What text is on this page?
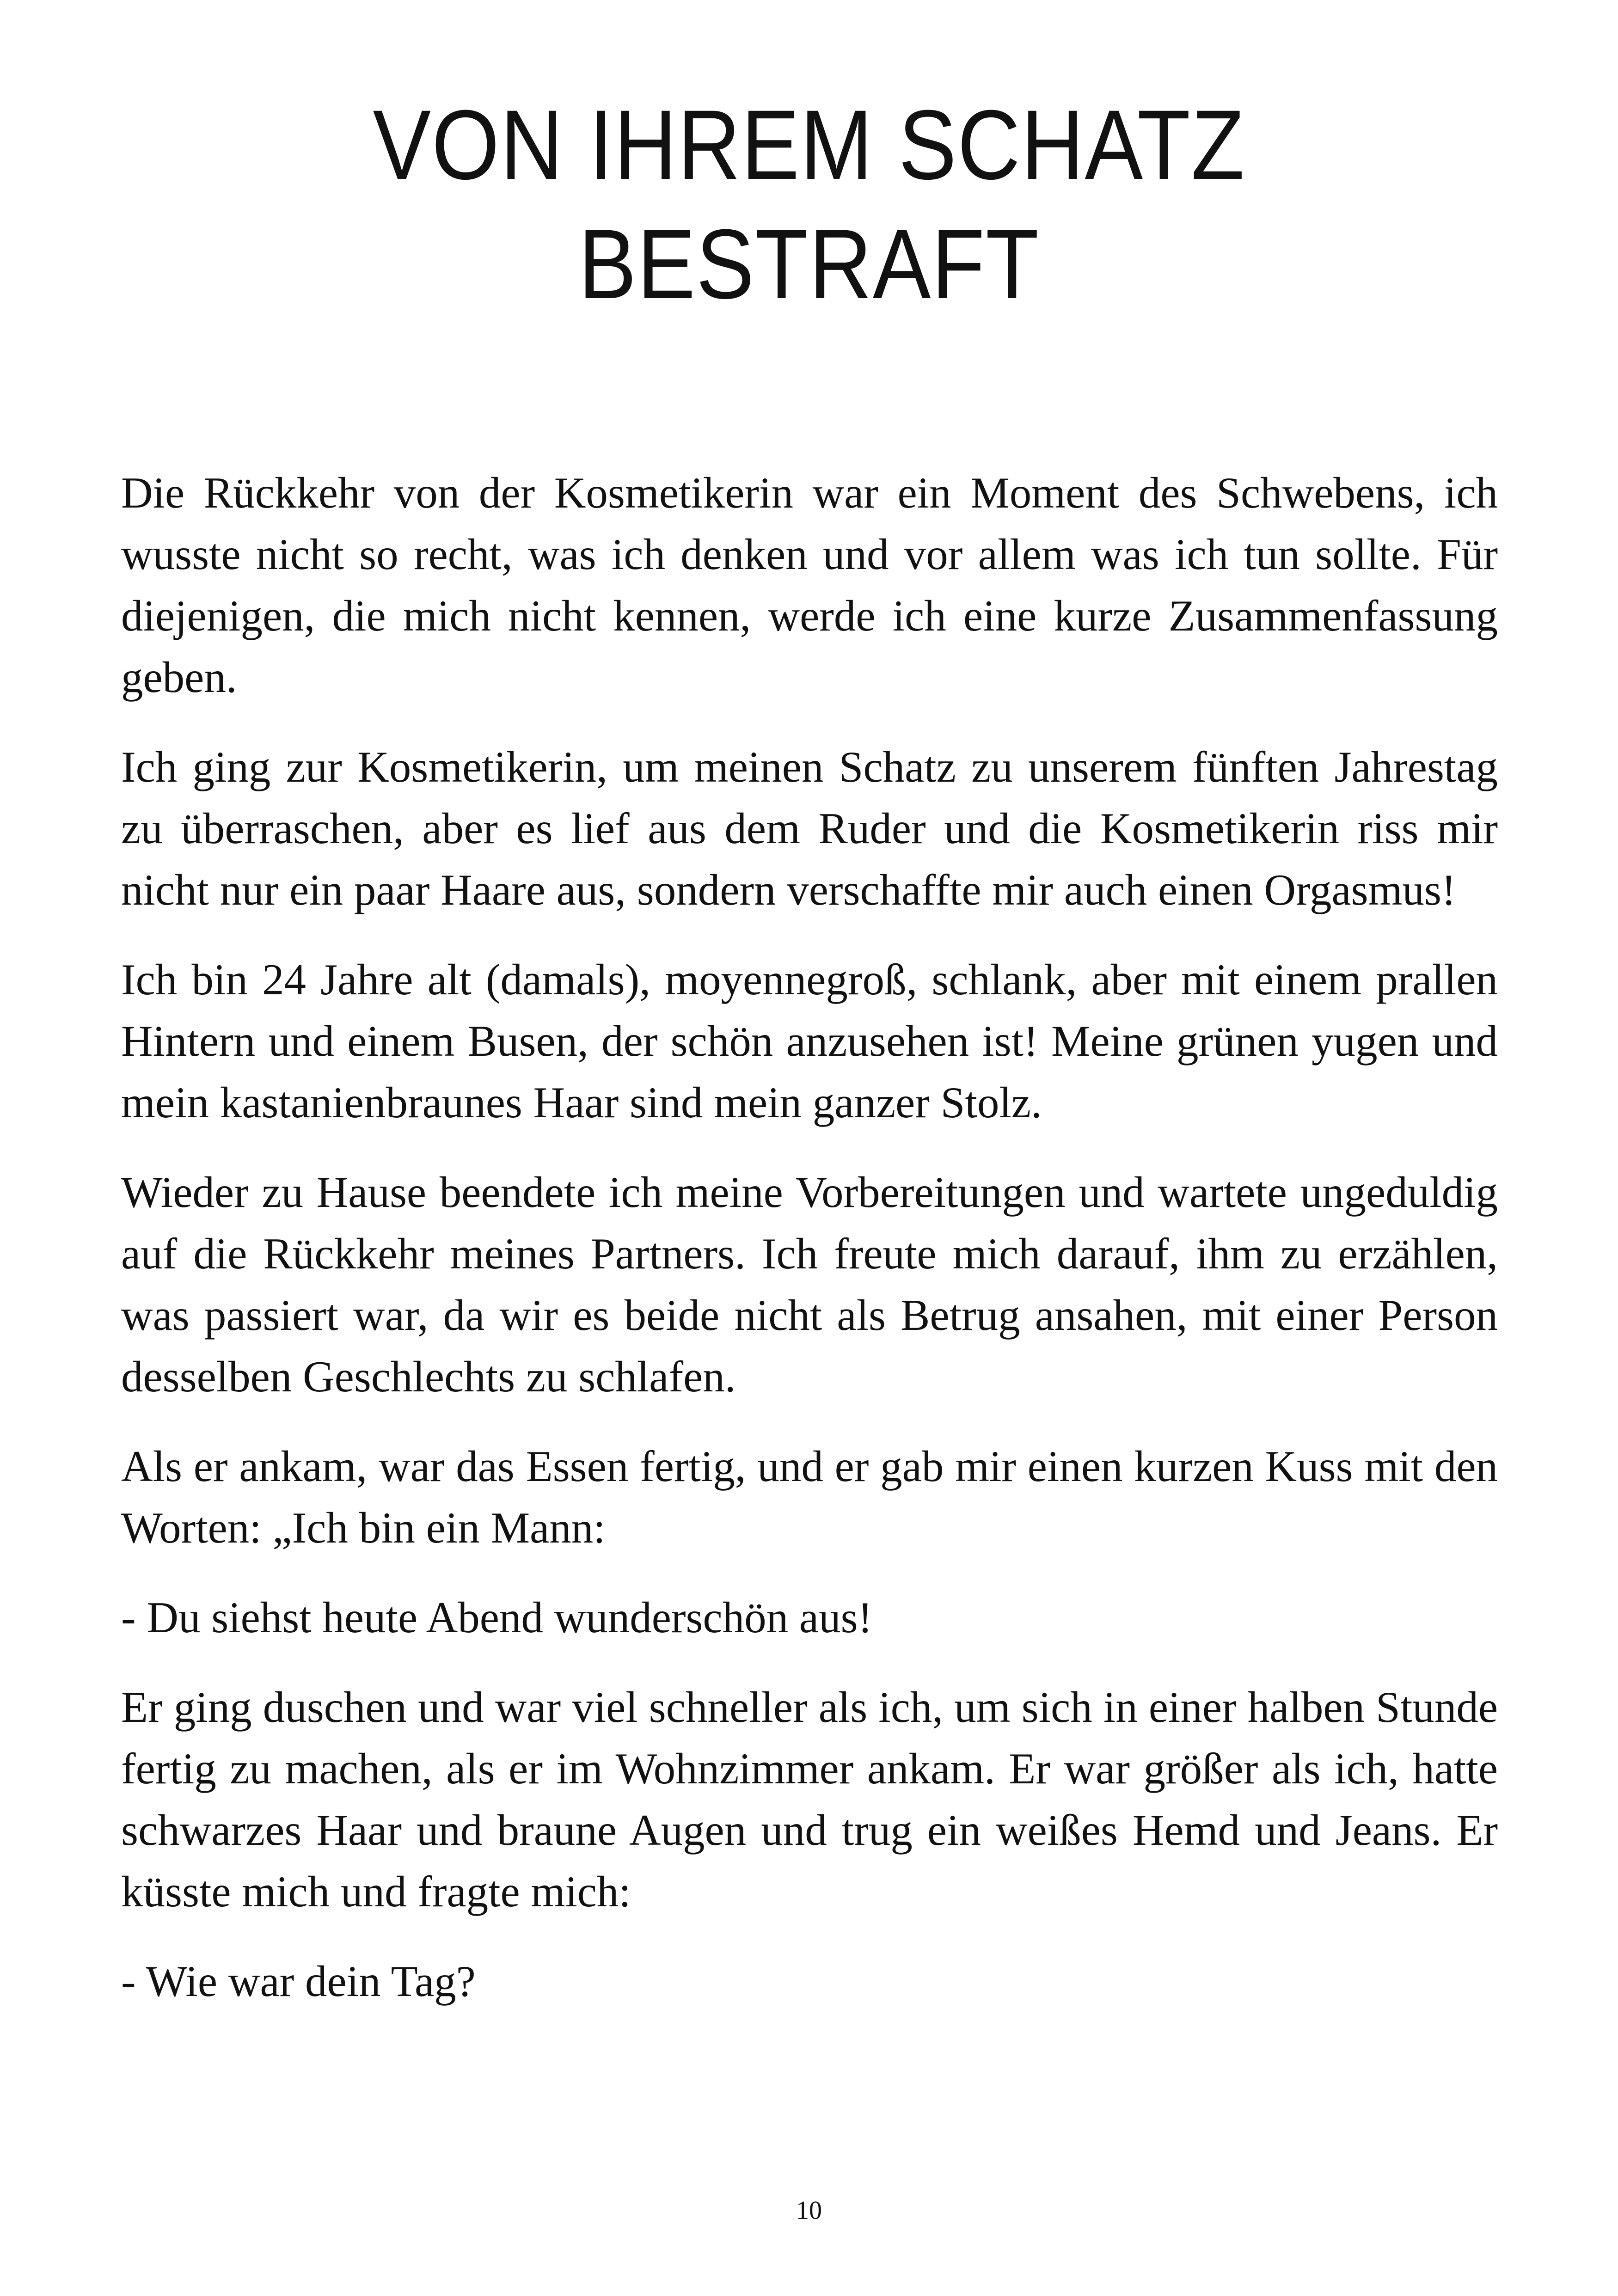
VON IHREM SCHATZ
BESTRAFT

Die Rückkehr von der Kosmetikerin war ein Moment des Schwebens, ich wusste nicht so recht, was ich denken und vor allem was ich tun sollte. Für diejenigen, die mich nicht kennen, werde ich eine kurze Zusammenfassung geben.

Ich ging zur Kosmetikerin, um meinen Schatz zu unserem fünften Jahrestag zu überraschen, aber es lief aus dem Ruder und die Kosmetikerin riss mir nicht nur ein paar Haare aus, sondern verschaffte mir auch einen Orgasmus!

Ich bin 24 Jahre alt (damals), moyennegroß, schlank, aber mit einem prallen Hintern und einem Busen, der schön anzusehen ist! Meine grünen yugen und mein kastanienbraunes Haar sind mein ganzer Stolz.

Wieder zu Hause beendete ich meine Vorbereitungen und wartete ungeduldig auf die Rückkehr meines Partners. Ich freute mich darauf, ihm zu erzählen, was passiert war, da wir es beide nicht als Betrug ansahen, mit einer Person desselben Geschlechts zu schlafen.

Als er ankam, war das Essen fertig, und er gab mir einen kurzen Kuss mit den Worten: „Ich bin ein Mann:

- Du siehst heute Abend wunderschön aus!

Er ging duschen und war viel schneller als ich, um sich in einer halben Stunde fertig zu machen, als er im Wohnzimmer ankam. Er war größer als ich, hatte schwarzes Haar und braune Augen und trug ein weißes Hemd und Jeans. Er küsste mich und fragte mich:

- Wie war dein Tag?

10
